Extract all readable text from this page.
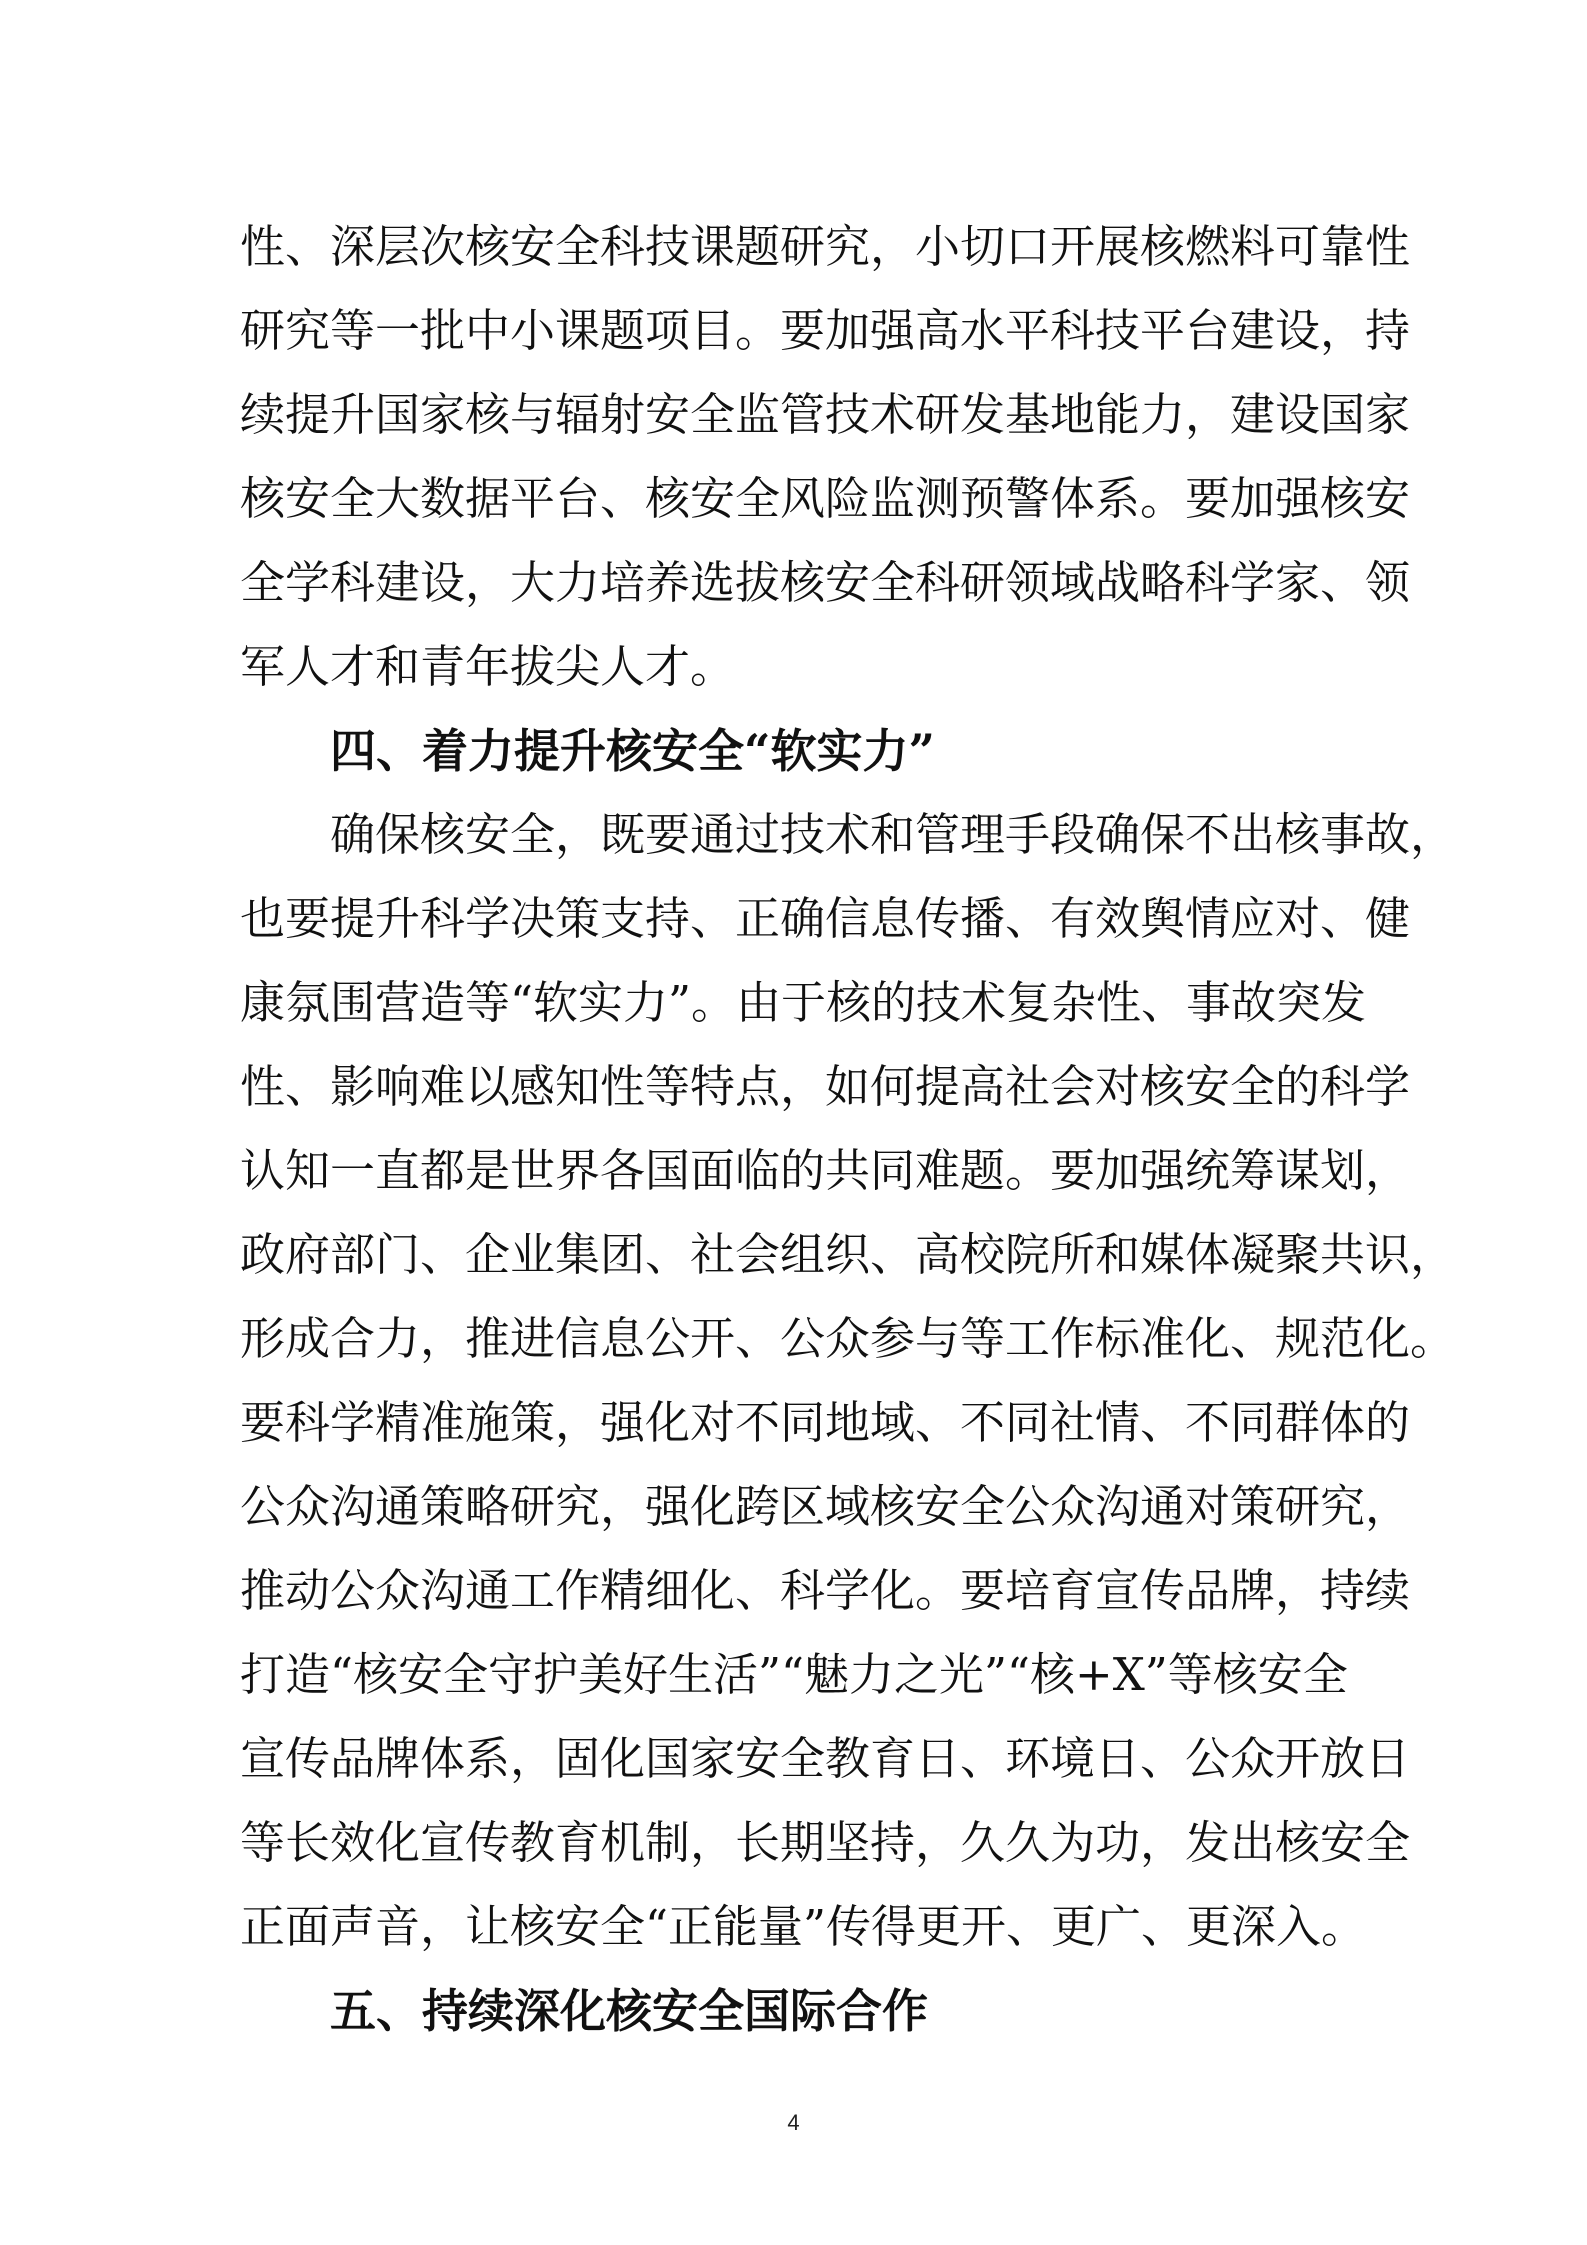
性、深层次核安全科技课题研究，小切口开展核燃料可靠性
研究等一批中小课题项目。要加强高水平科技平台建设，持
续提升国家核与辐射安全监管技术研发基地能力，建设国家
核安全大数据平台、核安全风险监测预警体系。要加强核安
全学科建设，大力培养选拔核安全科研领域战略科学家、领
军人才和青年拔尖人才。
四、着力提升核安全“软实力”
确保核安全，既要通过技术和管理手段确保不出核事故，
也要提升科学决策支持、正确信息传播、有效舆情应对、健
康氛围营造等“软实力”。由于核的技术复杂性、事故突发
性、影响难以感知性等特点，如何提高社会对核安全的科学
认知一直都是世界各国面临的共同难题。要加强统筹谋划，
政府部门、企业集团、社会组织、高校院所和媒体凝聚共识，
形成合力，推进信息公开、公众参与等工作标准化、规范化。
要科学精准施策，强化对不同地域、不同社情、不同群体的
公众沟通策略研究，强化跨区域核安全公众沟通对策研究，
推动公众沟通工作精细化、科学化。要培育宣传品牌，持续
打造“核安全守护美好生活”“魅力之光”“核+X”等核安全
宣传品牌体系，固化国家安全教育日、环境日、公众开放日
等长效化宣传教育机制，长期坚持，久久为功，发出核安全
正面声音，让核安全“正能量”传得更开、更广、更深入。
五、持续深化核安全国际合作
4
